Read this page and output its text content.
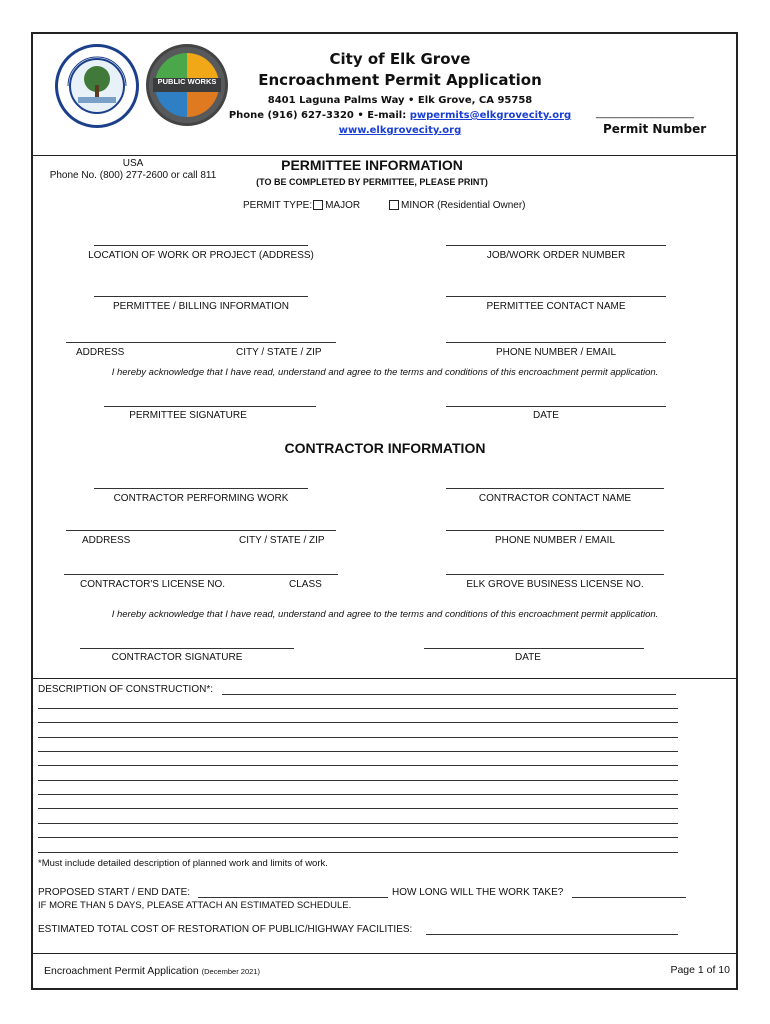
PUBLIC WORKS
City of Elk Grove
Encroachment Permit Application
8401 Laguna Palms Way • Elk Grove, CA 95758
Phone (916) 627-3320 • E-mail: pwpermits@elkgrovecity.org
www.elkgrovecity.org
________________
Permit Number
USA
Phone No. (800) 277-2600 or call 811
PERMITTEE INFORMATION
(TO BE COMPLETED BY PERMITTEE, PLEASE PRINT)
PERMIT TYPE: MAJOR	MINOR (Residential Owner)
LOCATION OF WORK OR PROJECT (ADDRESS)	JOB/WORK ORDER NUMBER
PERMITTEE / BILLING INFORMATION	PERMITTEE CONTACT NAME
ADDRESS	CITY / STATE / ZIP	PHONE NUMBER / EMAIL
I hereby acknowledge that I have read, understand and agree to the terms and conditions of this encroachment permit application.
PERMITTEE SIGNATURE	DATE
CONTRACTOR INFORMATION
CONTRACTOR PERFORMING WORK	CONTRACTOR CONTACT NAME
ADDRESS	CITY / STATE / ZIP	PHONE NUMBER / EMAIL
CONTRACTOR'S LICENSE NO.	CLASS	ELK GROVE BUSINESS LICENSE NO.
I hereby acknowledge that I have read, understand and agree to the terms and conditions of this encroachment permit application.
CONTRACTOR SIGNATURE	DATE
DESCRIPTION OF CONSTRUCTION*:
*Must include detailed description of planned work and limits of work.
PROPOSED START / END DATE:	HOW LONG WILL THE WORK TAKE?
IF MORE THAN 5 DAYS, PLEASE ATTACH AN ESTIMATED SCHEDULE.
ESTIMATED TOTAL COST OF RESTORATION OF PUBLIC/HIGHWAY FACILITIES:
Encroachment Permit Application (December 2021)	Page 1 of 10
